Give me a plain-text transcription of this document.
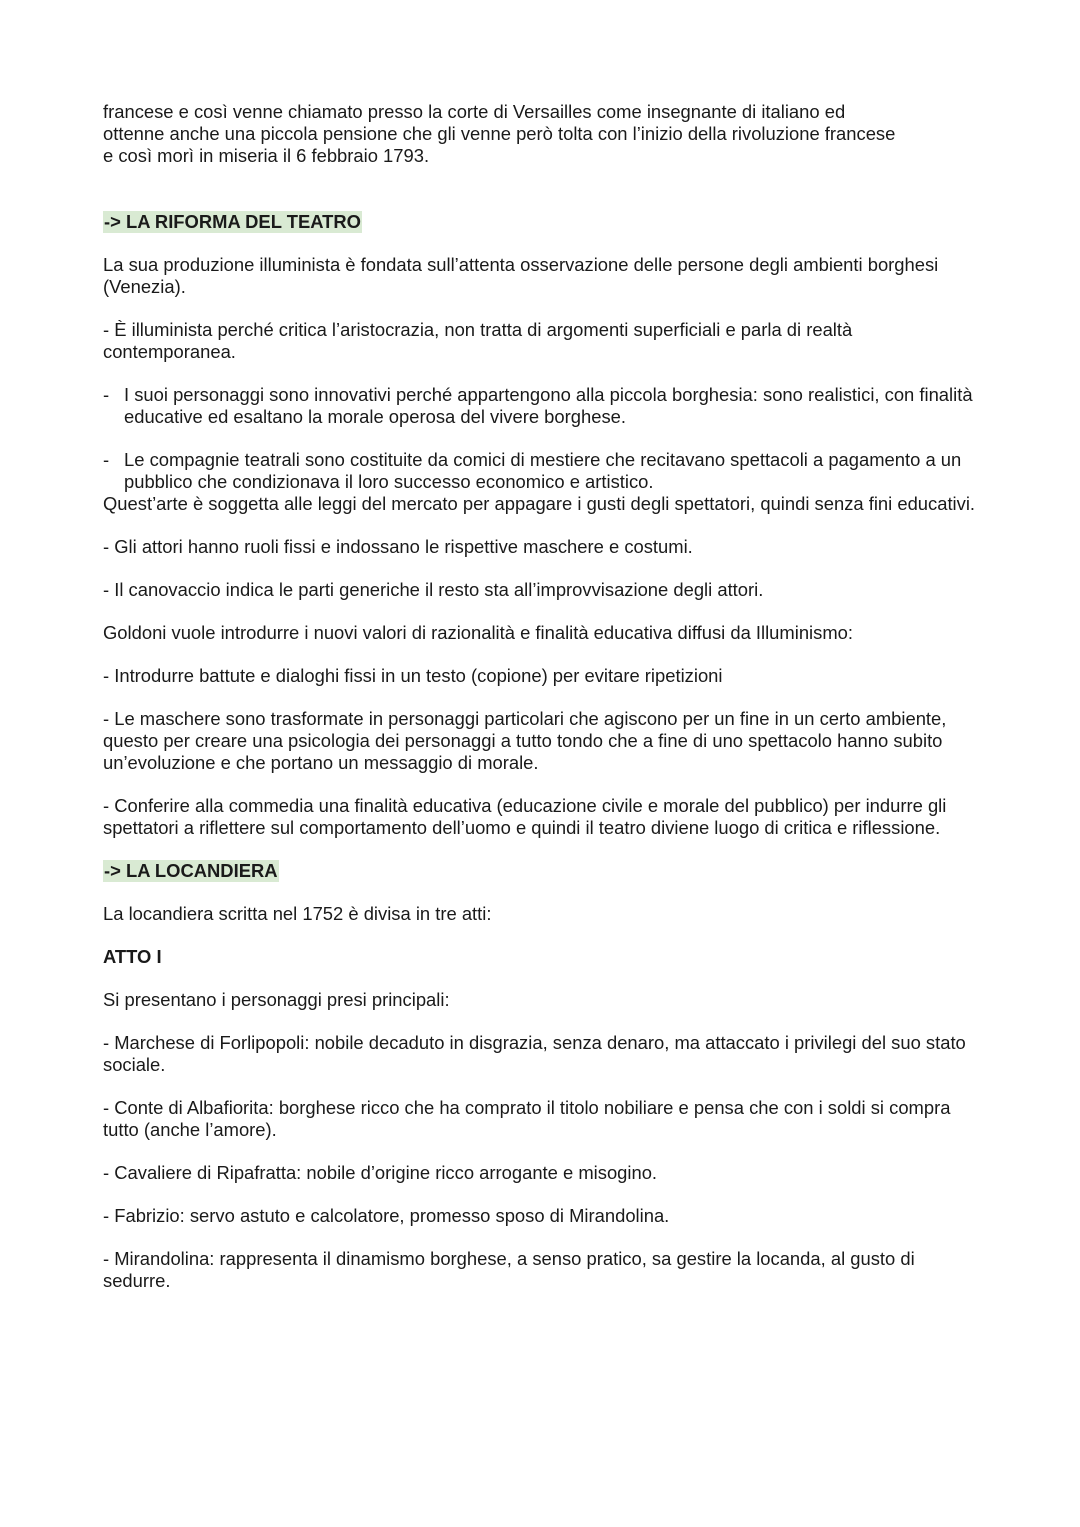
francese e così venne chiamato presso la corte di Versailles come insegnante di italiano ed
ottenne anche una piccola pensione che gli venne però tolta con l’inizio della rivoluzione francese
e così morì in miseria il 6 febbraio 1793.

-> LA RIFORMA DEL TEATRO

La sua produzione illuminista è fondata sull’attenta osservazione delle persone degli ambienti borghesi (Venezia).

- È illuminista perché critica l’aristocrazia, non tratta di argomenti superficiali e parla di realtà contemporanea.

- I suoi personaggi sono innovativi perché appartengono alla piccola borghesia: sono realistici, con finalità educative ed esaltano la morale operosa del vivere borghese.

- Le compagnie teatrali sono costituite da comici di mestiere che recitavano spettacoli a pagamento a un pubblico che condizionava il loro successo economico e artistico.

Quest’arte è soggetta alle leggi del mercato per appagare i gusti degli spettatori, quindi senza fini educativi.

- Gli attori hanno ruoli fissi e indossano le rispettive maschere e costumi.

- Il canovaccio indica le parti generiche il resto sta all’improvvisazione degli attori.

Goldoni vuole introdurre i nuovi valori di razionalità e finalità educativa diffusi da Illuminismo:

- Introdurre battute e dialoghi fissi in un testo (copione) per evitare ripetizioni

- Le maschere sono trasformate in personaggi particolari che agiscono per un fine in un certo ambiente, questo per creare una psicologia dei personaggi a tutto tondo che a fine di uno spettacolo hanno subito un’evoluzione e che portano un messaggio di morale.

- Conferire alla commedia una finalità educativa (educazione civile e morale del pubblico) per indurre gli spettatori a riflettere sul comportamento dell’uomo e quindi il teatro diviene luogo di critica e riflessione.

-> LA LOCANDIERA

La locandiera scritta nel 1752 è divisa in tre atti:

ATTO I

Si presentano i personaggi presi principali:

- Marchese di Forlipopoli: nobile decaduto in disgrazia, senza denaro, ma attaccato i privilegi del suo stato sociale.

- Conte di Albafiorita: borghese ricco che ha comprato il titolo nobiliare e pensa che con i soldi si compra tutto (anche l’amore).

- Cavaliere di Ripafratta: nobile d’origine ricco arrogante e misogino.

- Fabrizio: servo astuto e calcolatore, promesso sposo di Mirandolina.

- Mirandolina: rappresenta il dinamismo borghese, a senso pratico, sa gestire la locanda, al gusto di sedurre.
